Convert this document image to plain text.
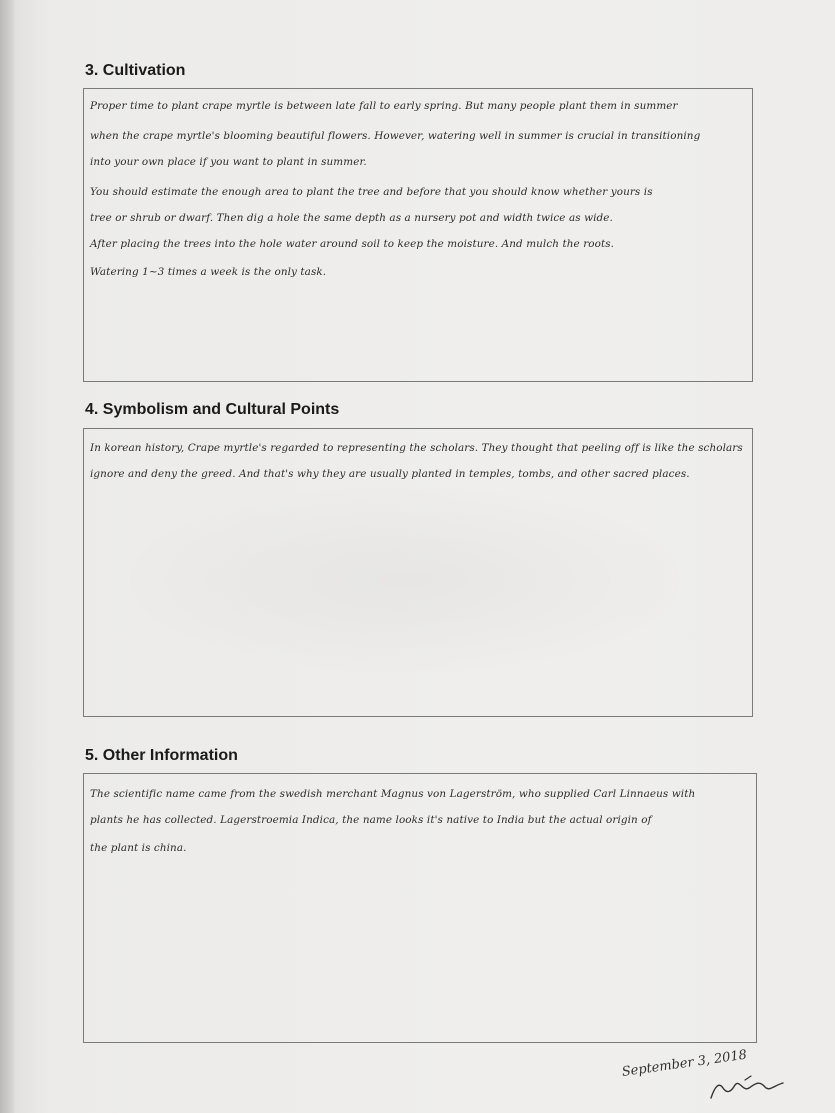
3. Cultivation

Proper time to plant crape myrtle is between late fall to early spring. But many people plant them in summer

when the crape myrtle's blooming beautiful flowers. However, watering well in summer is crucial in transitioning

into your own place if you want to plant in summer.

You should estimate the enough area to plant the tree and before that you should know whether yours is

tree or shrub or dwarf. Then dig a hole the same depth as a nursery pot and width twice as wide.

After placing the trees into the hole water around soil to keep the moisture. And mulch the roots.

Watering 1~3 times a week is the only task.

4. Symbolism and Cultural Points

In korean history, Crape myrtle's regarded to representing the scholars. They thought that peeling off is like the scholars

ignore and deny the greed. And that's why they are usually planted in temples, tombs, and other sacred places.

5. Other Information

The scientific name came from the swedish merchant Magnus von Lagerström, who supplied Carl Linnaeus with

plants he has collected. Lagerstroemia Indica, the name looks it's native to India but the actual origin of

the plant is china.

September 3, 2018
